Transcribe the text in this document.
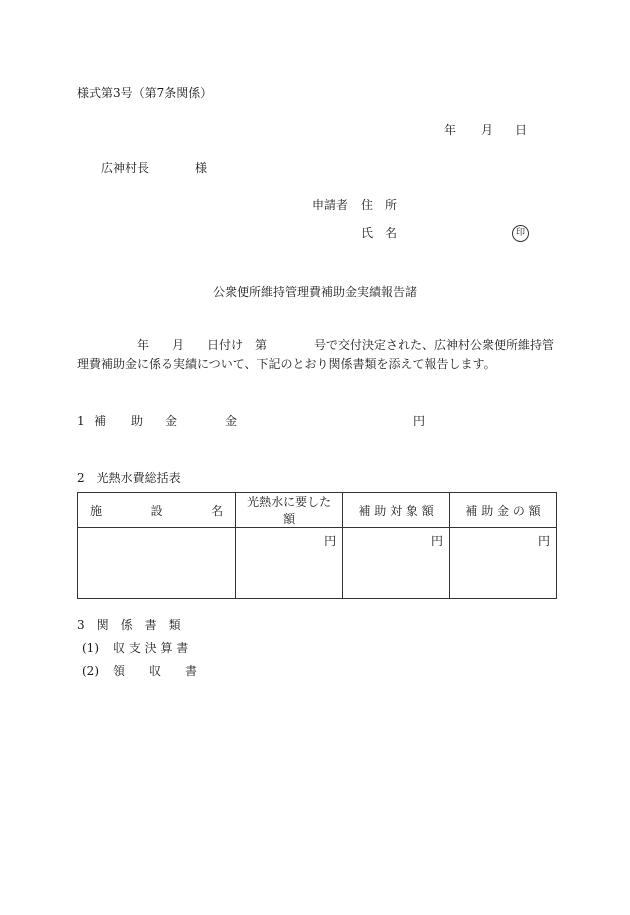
様式第3号（第7条関係）
年 月 日
広神村長	様
申請者 住　所
氏　名	印
公衆便所維持管理費補助金実績報告諸
年 月 日付け 第	号で交付決定された、広神村公衆便所維持管
理費補助金に係る実績について、下記のとおり関係書類を添えて報告します。
1 補 助 金	金	円
2　光熱水費総括表
施 設 名	光熱水に要した額	補 助 対 象 額	補 助 金 の 額
	円	円	円
3　関　係　書　類
(1) 収 支 決 算 書
(2) 領　　収　　書
